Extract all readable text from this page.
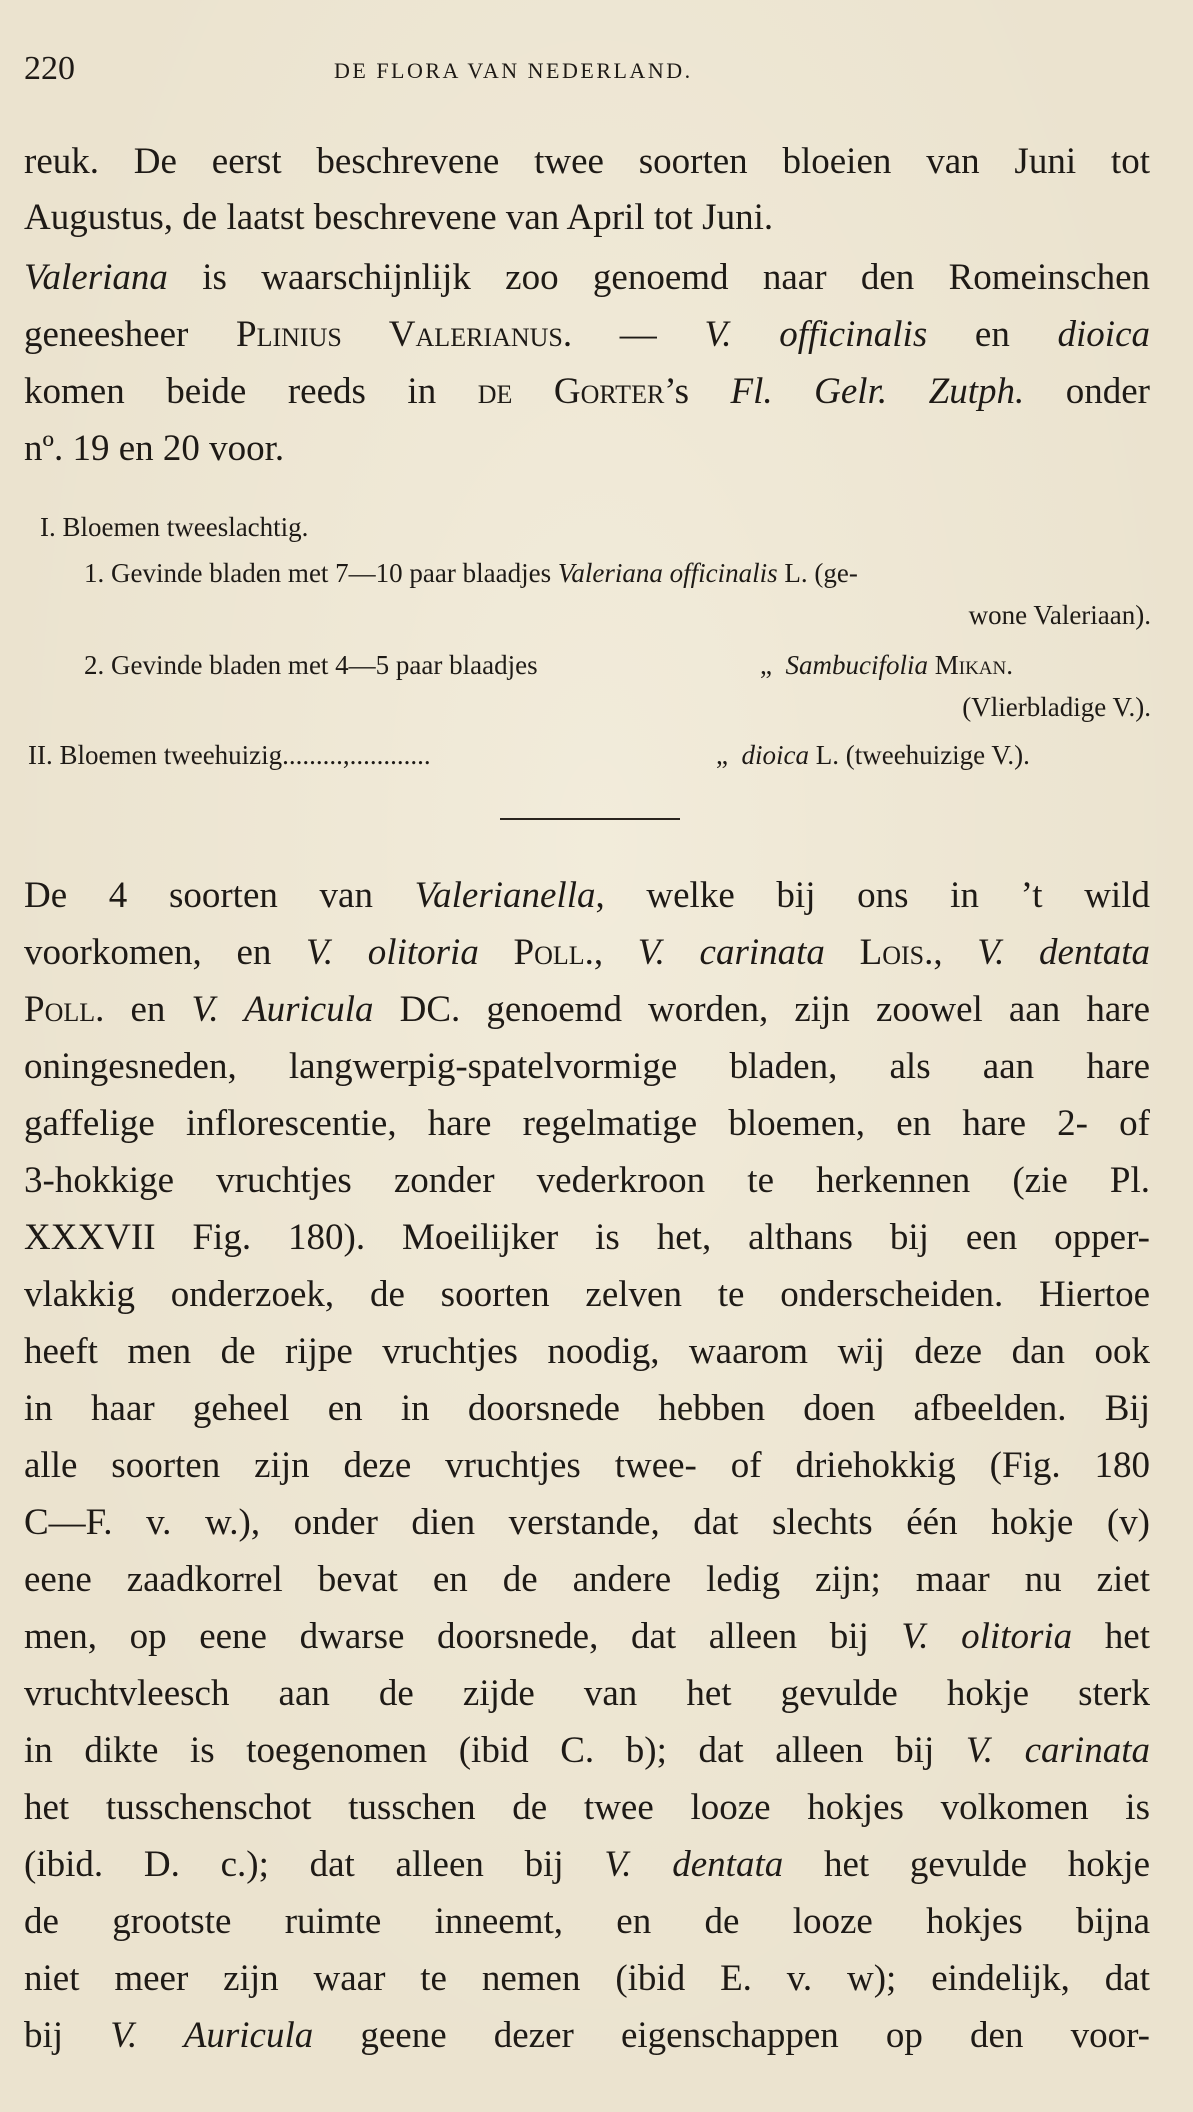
220	DE FLORA VAN NEDERLAND.
reuk. De eerst beschrevene twee soorten bloeien van Juni tot
Augustus, de laatst beschrevene van April tot Juni.
Valeriana is waarschijnlijk zoo genoemd naar den Romeinschen
geneesheer Plinius Valerianus. — V. officinalis en dioica
komen beide reeds in de Gorter’s Fl. Gelr. Zutph. onder
nº. 19 en 20 voor.
I. Bloemen tweeslachtig.
1. Gevinde bladen met 7—10 paar blaadjes Valeriana officinalis L. (ge-
wone Valeriaan).
2. Gevinde bladen met 4—5 paar blaadjes	„ Sambucifolia Mikan.
(Vlierbladige V.).
II. Bloemen tweehuizig.........,............	„ dioica L. (tweehuizige V.).
De 4 soorten van Valerianella, welke bij ons in ’t wild
voorkomen, en V. olitoria Poll., V. carinata Lois., V. dentata
Poll. en V. Auricula DC. genoemd worden, zijn zoowel aan hare
oningesneden, langwerpig-spatelvormige bladen, als aan hare
gaffelige inflorescentie, hare regelmatige bloemen, en hare 2- of
3-hokkige vruchtjes zonder vederkroon te herkennen (zie Pl.
XXXVII Fig. 180). Moeilijker is het, althans bij een opper-
vlakkig onderzoek, de soorten zelven te onderscheiden. Hiertoe
heeft men de rijpe vruchtjes noodig, waarom wij deze dan ook
in haar geheel en in doorsnede hebben doen afbeelden. Bij
alle soorten zijn deze vruchtjes twee- of driehokkig (Fig. 180
C—F. v. w.), onder dien verstande, dat slechts één hokje (v)
eene zaadkorrel bevat en de andere ledig zijn; maar nu ziet
men, op eene dwarse doorsnede, dat alleen bij V. olitoria het
vruchtvleesch aan de zijde van het gevulde hokje sterk
in dikte is toegenomen (ibid C. b); dat alleen bij V. carinata
het tusschenschot tusschen de twee looze hokjes volkomen is
(ibid. D. c.); dat alleen bij V. dentata het gevulde hokje
de grootste ruimte inneemt, en de looze hokjes bijna
niet meer zijn waar te nemen (ibid E. v. w); eindelijk, dat
bij V. Auricula geene dezer eigenschappen op den voor-
